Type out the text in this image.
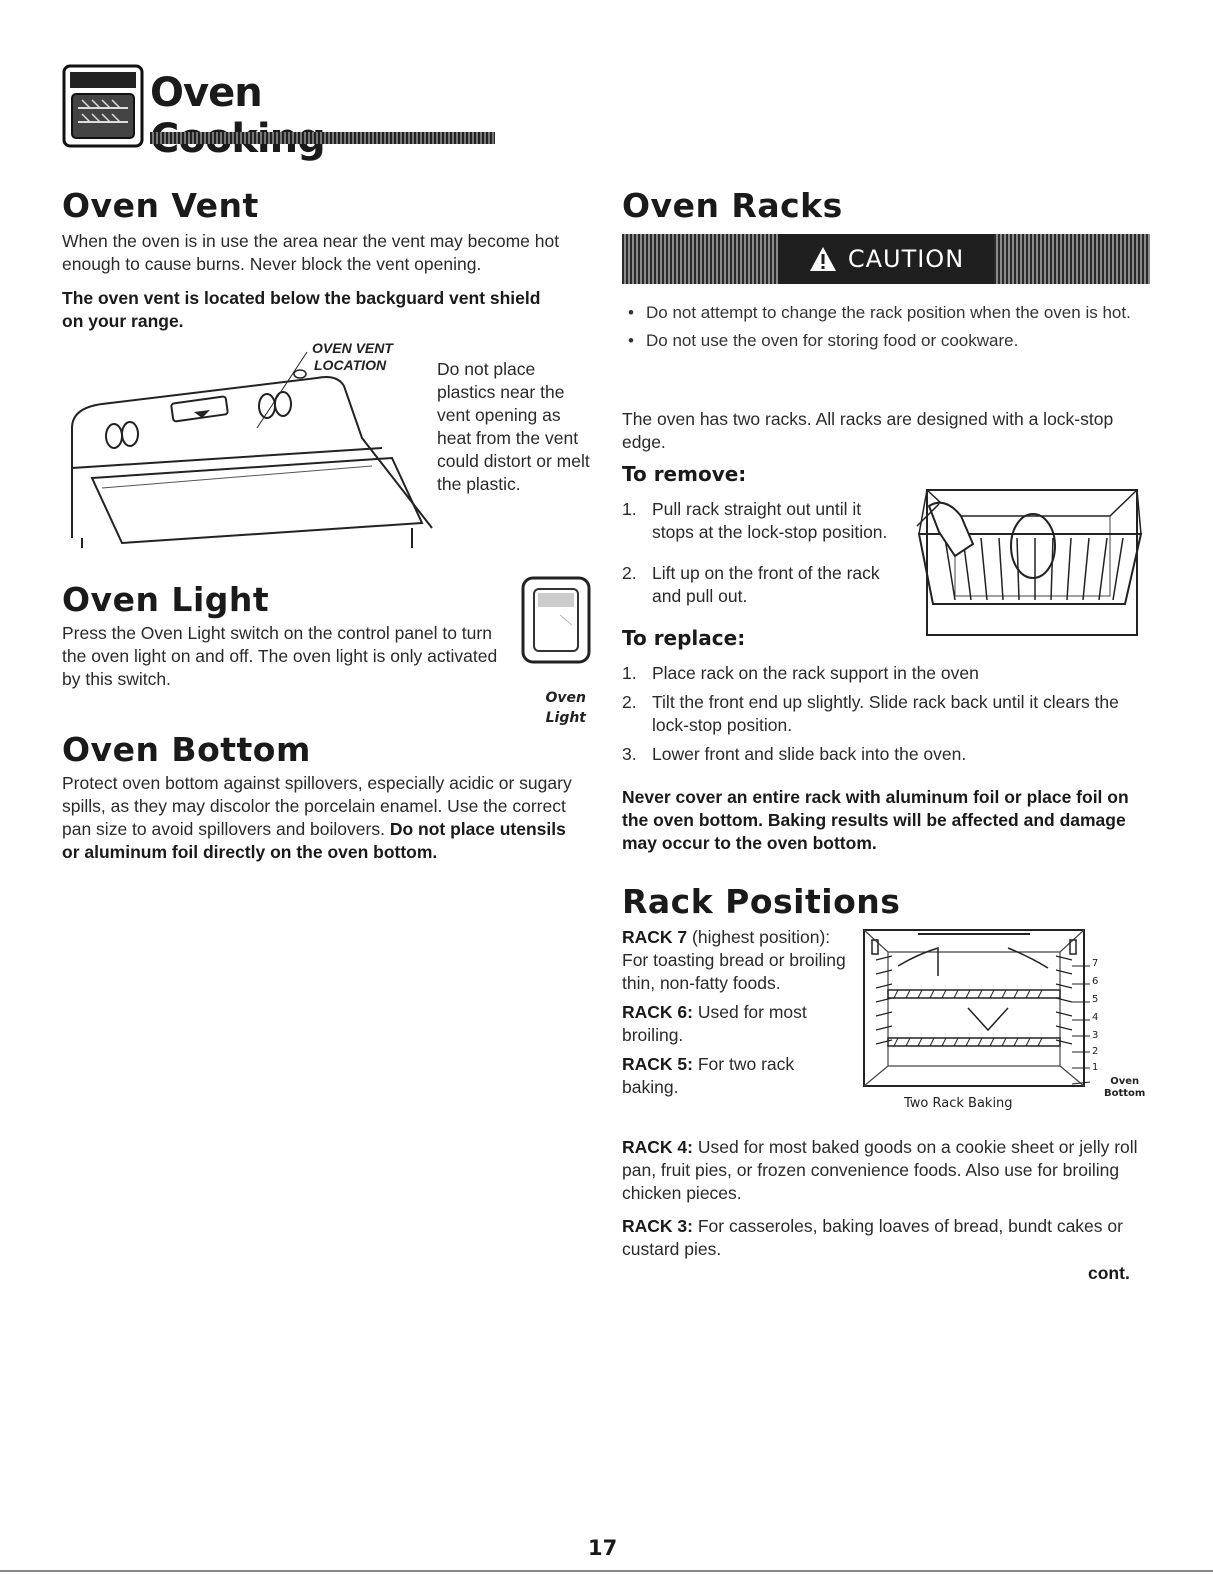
Oven
Oven Vent
When the oven is in use the area near the vent may become hot enough to cause burns. Never block the vent opening.
The oven vent is located below the backguard vent shield on your range.
OVEN VENT
LOCATION	Do not place plastics near the vent opening as heat from the vent could distort or melt the plastic.
Oven Light
Press the Oven Light switch on the control panel to turn the oven light on and off. The oven light is only activated by this switch.
Oven
Light
Oven Bottom
Protect oven bottom against spillovers, especially acidic or sugary spills, as they may discolor the porcelain enamel. Use the correct pan size to avoid spillovers and boilovers. Do not place utensils or aluminum foil directly on the oven bottom.
Oven Racks
CAUTION
• Do not attempt to change the rack position when the oven is hot.
• Do not use the oven for storing food or cookware.
The oven has two racks. All racks are designed with a lock-stop edge.
To remove:
1. Pull rack straight out until it stops at the lock-stop position.
2. Lift up on the front of the rack and pull out.
To replace:
1. Place rack on the rack support in the oven
2. Tilt the front end up slightly. Slide rack back until it clears the lock-stop position.
3. Lower front and slide back into the oven.
Never cover an entire rack with aluminum foil or place foil on the oven bottom. Baking results will be affected and damage may occur to the oven bottom.
Rack Positions

RACK 7 (highest position): For toasting bread or broiling thin, non-fatty foods.

RACK 6: Used for most broiling.

RACK 5: For two rack baking.

7
6
5
4
3
2
1
Oven
Bottom
Two Rack Baking

RACK 4: Used for most baked goods on a cookie sheet or jelly roll pan, fruit pies, or frozen convenience foods. Also use for broiling chicken pieces.

RACK 3: For casseroles, baking loaves of bread, bundt cakes or custard pies.

cont.
17
